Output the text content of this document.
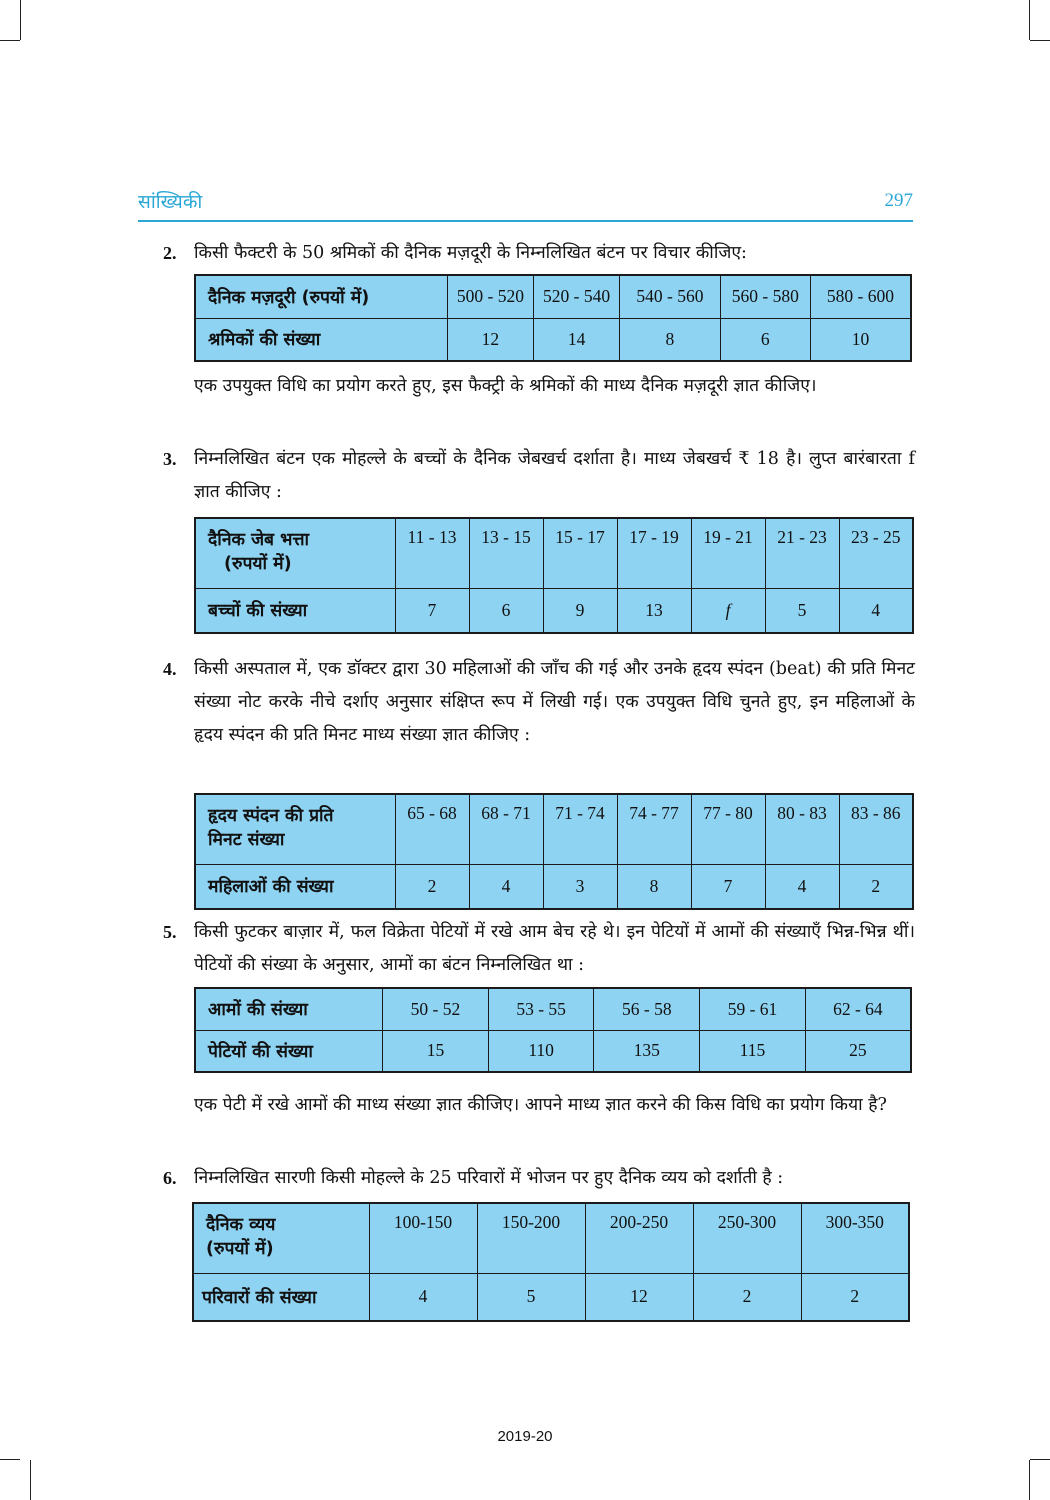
सांख्यिकी	297
2. किसी फैक्टरी के 50 श्रमिकों की दैनिक मज़दूरी के निम्नलिखित बंटन पर विचार कीजिए:
दैनिक मज़दूरी (रुपयों में)	500 - 520	520 - 540	540 - 560	560 - 580	580 - 600
श्रमिकों की संख्या	12	14	8	6	10
एक उपयुक्त विधि का प्रयोग करते हुए, इस फैक्ट्री के श्रमिकों की माध्य दैनिक मज़दूरी ज्ञात कीजिए।
3. निम्नलिखित बंटन एक मोहल्ले के बच्चों के दैनिक जेबखर्च दर्शाता है। माध्य जेबखर्च ₹ 18 है। लुप्त बारंबारता f ज्ञात कीजिए :
दैनिक जेब भत्ता
(रुपयों में)	11 - 13	13 - 15	15 - 17	17 - 19	19 - 21	21 - 23	23 - 25
बच्चों की संख्या	7	6	9	13	f	5	4
4. किसी अस्पताल में, एक डॉक्टर द्वारा 30 महिलाओं की जाँच की गई और उनके हृदय स्पंदन (beat) की प्रति मिनट संख्या नोट करके नीचे दर्शाए अनुसार संक्षिप्त रूप में लिखी गई। एक उपयुक्त विधि चुनते हुए, इन महिलाओं के हृदय स्पंदन की प्रति मिनट माध्य संख्या ज्ञात कीजिए :
हृदय स्पंदन की प्रति
मिनट संख्या	65 - 68	68 - 71	71 - 74	74 - 77	77 - 80	80 - 83	83 - 86
महिलाओं की संख्या	2	4	3	8	7	4	2
5. किसी फुटकर बाज़ार में, फल विक्रेता पेटियों में रखे आम बेच रहे थे। इन पेटियों में आमों की संख्याएँ भिन्न-भिन्न थीं। पेटियों की संख्या के अनुसार, आमों का बंटन निम्नलिखित था :
आमों की संख्या	50 - 52	53 - 55	56 - 58	59 - 61	62 - 64
पेटियों की संख्या	15	110	135	115	25
एक पेटी में रखे आमों की माध्य संख्या ज्ञात कीजिए। आपने माध्य ज्ञात करने की किस विधि का प्रयोग किया है?
6. निम्नलिखित सारणी किसी मोहल्ले के 25 परिवारों में भोजन पर हुए दैनिक व्यय को दर्शाती है :
दैनिक व्यय
(रुपयों में)	100-150	150-200	200-250	250-300	300-350
परिवारों की संख्या	4	5	12	2	2
2019-20
